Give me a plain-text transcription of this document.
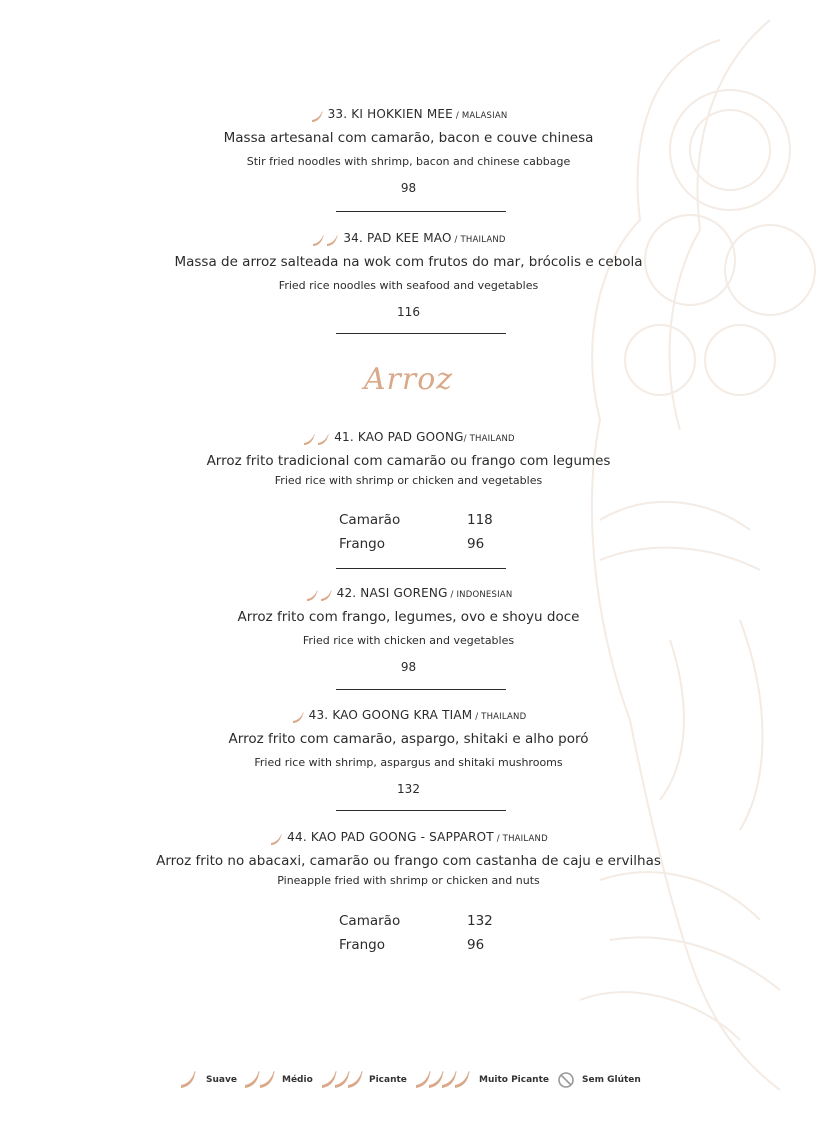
33. KI HOKKIEN MEE / MALASIAN
Massa artesanal com camarão, bacon e couve chinesa
Stir fried noodles with shrimp, bacon and chinese cabbage
98
34. PAD KEE MAO / THAILAND
Massa de arroz salteada na wok com frutos do mar, brócolis e cebola
Fried rice noodles with seafood and vegetables
116
Arroz
41. KAO PAD GOONG/ THAILAND
Arroz frito tradicional com camarão ou frango com legumes
Fried rice with shrimp or chicken and vegetables
Camarão	118
Frango	96
42. NASI GORENG / INDONESIAN
Arroz frito com frango, legumes, ovo e shoyu doce
Fried rice with chicken and vegetables
98
43. KAO GOONG KRA TIAM / THAILAND
Arroz frito com camarão, aspargo, shitaki e alho poró
Fried rice with shrimp, aspargus and shitaki mushrooms
132
44. KAO PAD GOONG - SAPPAROT / THAILAND
Arroz frito no abacaxi, camarão ou frango com castanha de caju e ervilhas
Pineapple fried with shrimp or chicken and nuts
Camarão	132
Frango	96
Suave	Médio	Picante	Muito Picante	Sem Glúten
